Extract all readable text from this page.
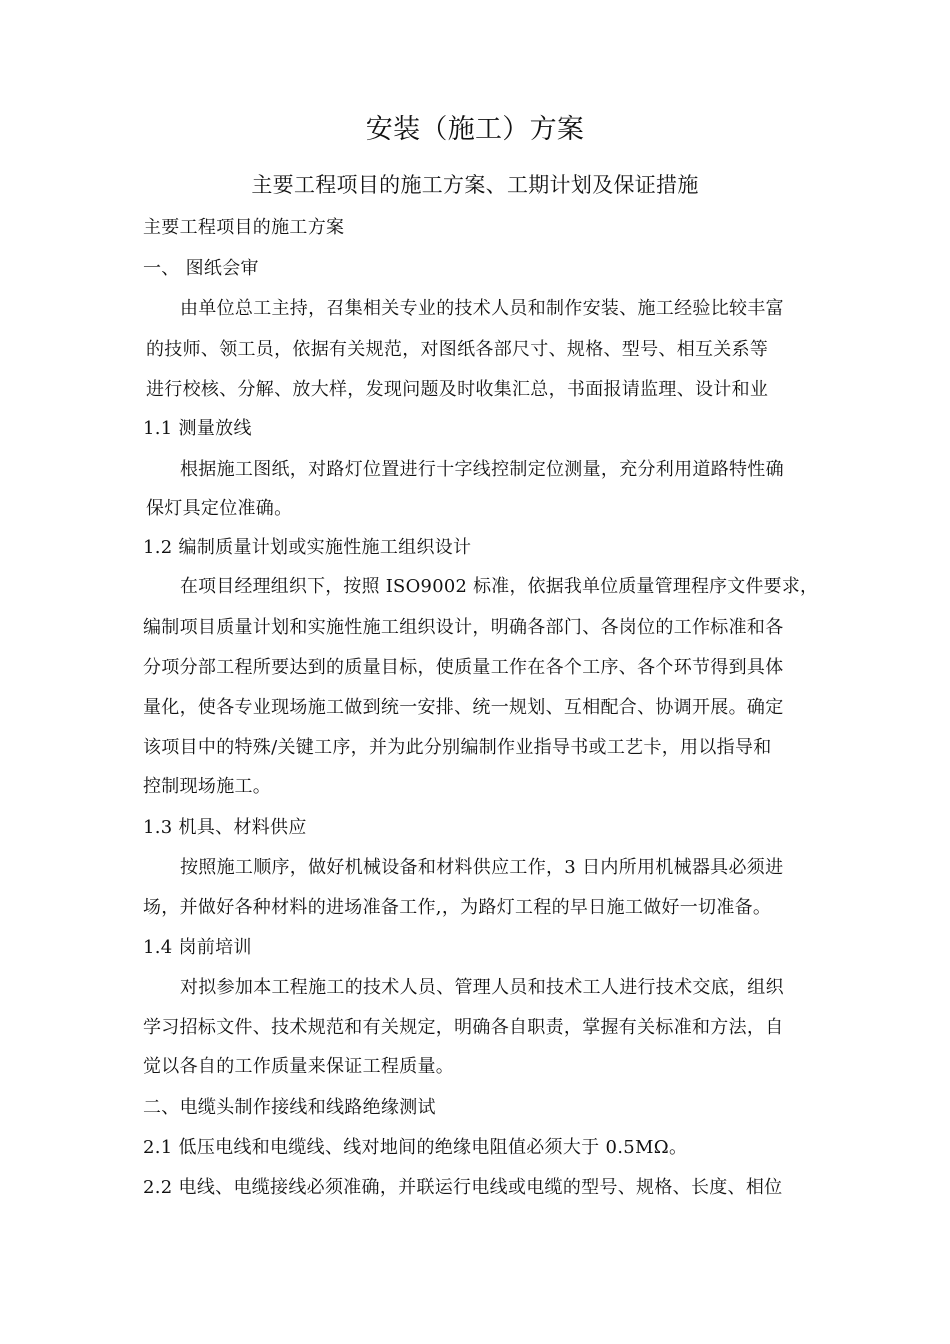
安装（施工）方案
主要工程项目的施工方案、工期计划及保证措施
主要工程项目的施工方案
一、 图纸会审
由单位总工主持，召集相关专业的技术人员和制作安装、施工经验比较丰富
的技师、领工员，依据有关规范，对图纸各部尺寸、规格、型号、相互关系等
进行校核、分解、放大样，发现问题及时收集汇总，书面报请监理、设计和业
1.1 测量放线
根据施工图纸，对路灯位置进行十字线控制定位测量，充分利用道路特性确
保灯具定位准确。
1.2 编制质量计划或实施性施工组织设计
在项目经理组织下，按照 ISO9002 标准，依据我单位质量管理程序文件要求，
编制项目质量计划和实施性施工组织设计，明确各部门、各岗位的工作标准和各
分项分部工程所要达到的质量目标，使质量工作在各个工序、各个环节得到具体
量化，使各专业现场施工做到统一安排、统一规划、互相配合、协调开展。确定
该项目中的特殊/关键工序，并为此分别编制作业指导书或工艺卡，用以指导和
控制现场施工。
1.3 机具、材料供应
按照施工顺序，做好机械设备和材料供应工作，3 日内所用机械器具必须进
场，并做好各种材料的进场准备工作,，为路灯工程的早日施工做好一切准备。
1.4 岗前培训
对拟参加本工程施工的技术人员、管理人员和技术工人进行技术交底，组织
学习招标文件、技术规范和有关规定，明确各自职责，掌握有关标准和方法，自
觉以各自的工作质量来保证工程质量。
二、电缆头制作接线和线路绝缘测试
2.1 低压电线和电缆线、线对地间的绝缘电阻值必须大于 0.5MΩ。
2.2 电线、电缆接线必须准确，并联运行电线或电缆的型号、规格、长度、相位
